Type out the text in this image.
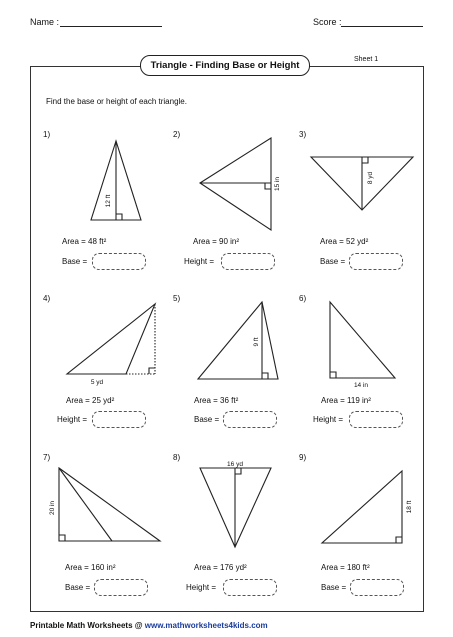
Name :	Score :
Triangle - Finding Base or Height
Sheet 1
Find the base or height of each triangle.
1)	2)	3)
4)	5)	6)
7)	8)	9)
12 ft
15 in	8 yd
5 yd
9 ft
14 in
20 in
16 yd
18 ft
Area = 48 ft²
Base =
Area = 90 in²
Height =
Area = 52 yd²
Base =
Area = 25 yd²
Height =
Area = 36 ft²
Base =
Area = 119 in²
Height =
Area = 160 in²
Base =
Area = 176 yd²
Height =
Area = 180 ft²
Base =
Printable Math Worksheets @ www.mathworksheets4kids.com
